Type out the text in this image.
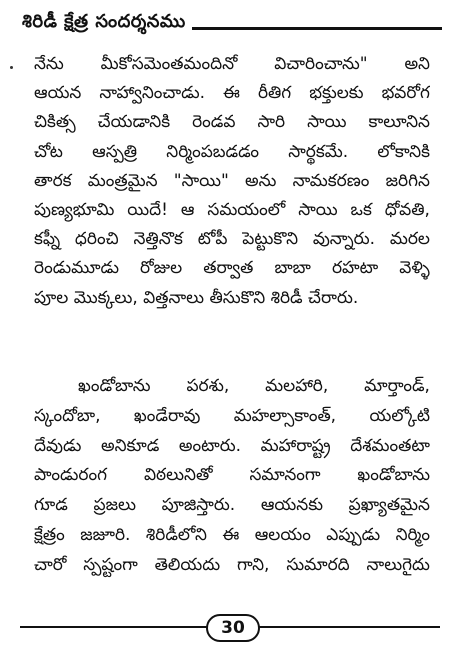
శిరిడీ క్షేత్ర సందర్శనము
నేను మీకోసమెంతమందినో విచారించాను" అని
ఆయన నాహ్వానించాడు. ఈ రీతిగ భక్తులకు భవరోగ
చికిత్స చేయడానికి రెండవ సారి సాయి కాలూనిన
చోట ఆస్పత్రి నిర్మింపబడడం సార్థకమే. లోకానికి
తారక మంత్రమైన "సాయి" అను నామకరణం జరిగిన
పుణ్యభూమి యిదే! ఆ సమయంలో సాయి ఒక ధోవతి,
కఫ్నీ ధరించి నెత్తినొక టోపీ పెట్టుకొని వున్నారు. మరల
రెండుమూడు రోజుల తర్వాత బాబా రహటా వెళ్ళి
పూల మొక్కలు, విత్తనాలు తీసుకొని శిరిడీ చేరారు.
ఖండోబాను పరశు, మలహారి, మార్తాండ్,
స్కందోబా, ఖండేరావు మహల్సాకాంత్, యల్కోటి
దేవుడు అనికూడ అంటారు. మహారాష్ట్ర దేశమంతటా
పాండురంగ విఠలునితో సమానంగా ఖండోబాను
గూడ ప్రజలు పూజిస్తారు. ఆయనకు ప్రఖ్యాతమైన
క్షేత్రం జజూరి. శిరిడీలోని ఈ ఆలయం ఎప్పుడు నిర్మిం
చారో స్పష్టంగా తెలియదు గాని, సుమారది నాలుగైదు
30
